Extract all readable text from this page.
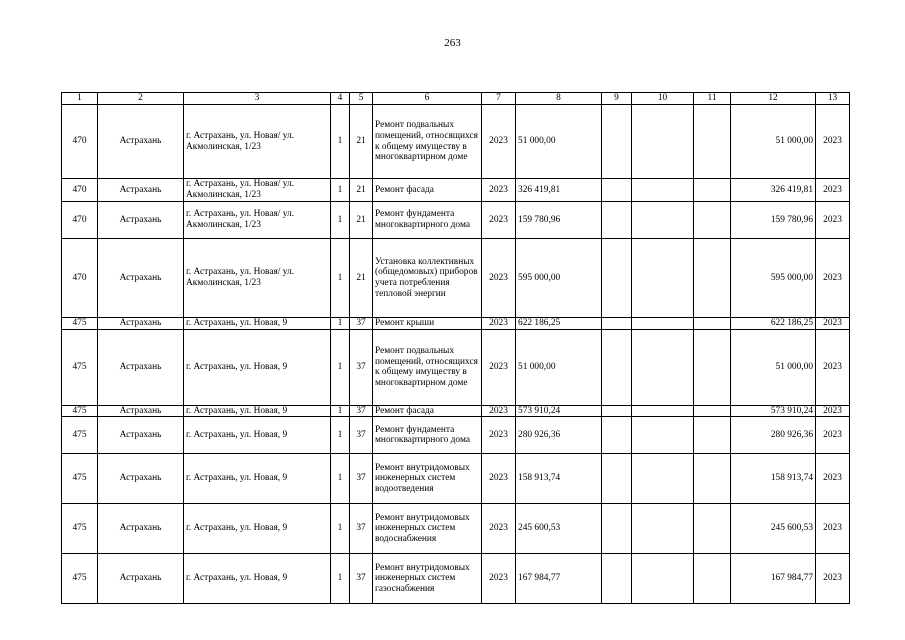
263
1	2	3	4	5	6	7	8	9	10	11	12	13
470	Астрахань	г. Астрахань, ул. Новая/ ул. Акмолинская, 1/23	1	21	Ремонт подвальных помещений, относящихся к общему имуществу в многоквартирном доме	2023	51 000,00				51 000,00	2023
470	Астрахань	г. Астрахань, ул. Новая/ ул. Акмолинская, 1/23	1	21	Ремонт фасада	2023	326 419,81				326 419,81	2023
470	Астрахань	г. Астрахань, ул. Новая/ ул. Акмолинская, 1/23	1	21	Ремонт фундамента многоквартирного дома	2023	159 780,96				159 780,96	2023
470	Астрахань	г. Астрахань, ул. Новая/ ул. Акмолинская, 1/23	1	21	Установка коллективных (общедомовых) приборов учета потребления тепловой энергии	2023	595 000,00				595 000,00	2023
475	Астрахань	г. Астрахань, ул. Новая, 9	1	37	Ремонт крыши	2023	622 186,25				622 186,25	2023
475	Астрахань	г. Астрахань, ул. Новая, 9	1	37	Ремонт подвальных помещений, относящихся к общему имуществу в многоквартирном доме	2023	51 000,00				51 000,00	2023
475	Астрахань	г. Астрахань, ул. Новая, 9	1	37	Ремонт фасада	2023	573 910,24				573 910,24	2023
475	Астрахань	г. Астрахань, ул. Новая, 9	1	37	Ремонт фундамента многоквартирного дома	2023	280 926,36				280 926,36	2023
475	Астрахань	г. Астрахань, ул. Новая, 9	1	37	Ремонт внутридомовых инженерных систем водоотведения	2023	158 913,74				158 913,74	2023
475	Астрахань	г. Астрахань, ул. Новая, 9	1	37	Ремонт внутридомовых инженерных систем водоснабжения	2023	245 600,53				245 600,53	2023
475	Астрахань	г. Астрахань, ул. Новая, 9	1	37	Ремонт внутридомовых инженерных систем газоснабжения	2023	167 984,77				167 984,77	2023
